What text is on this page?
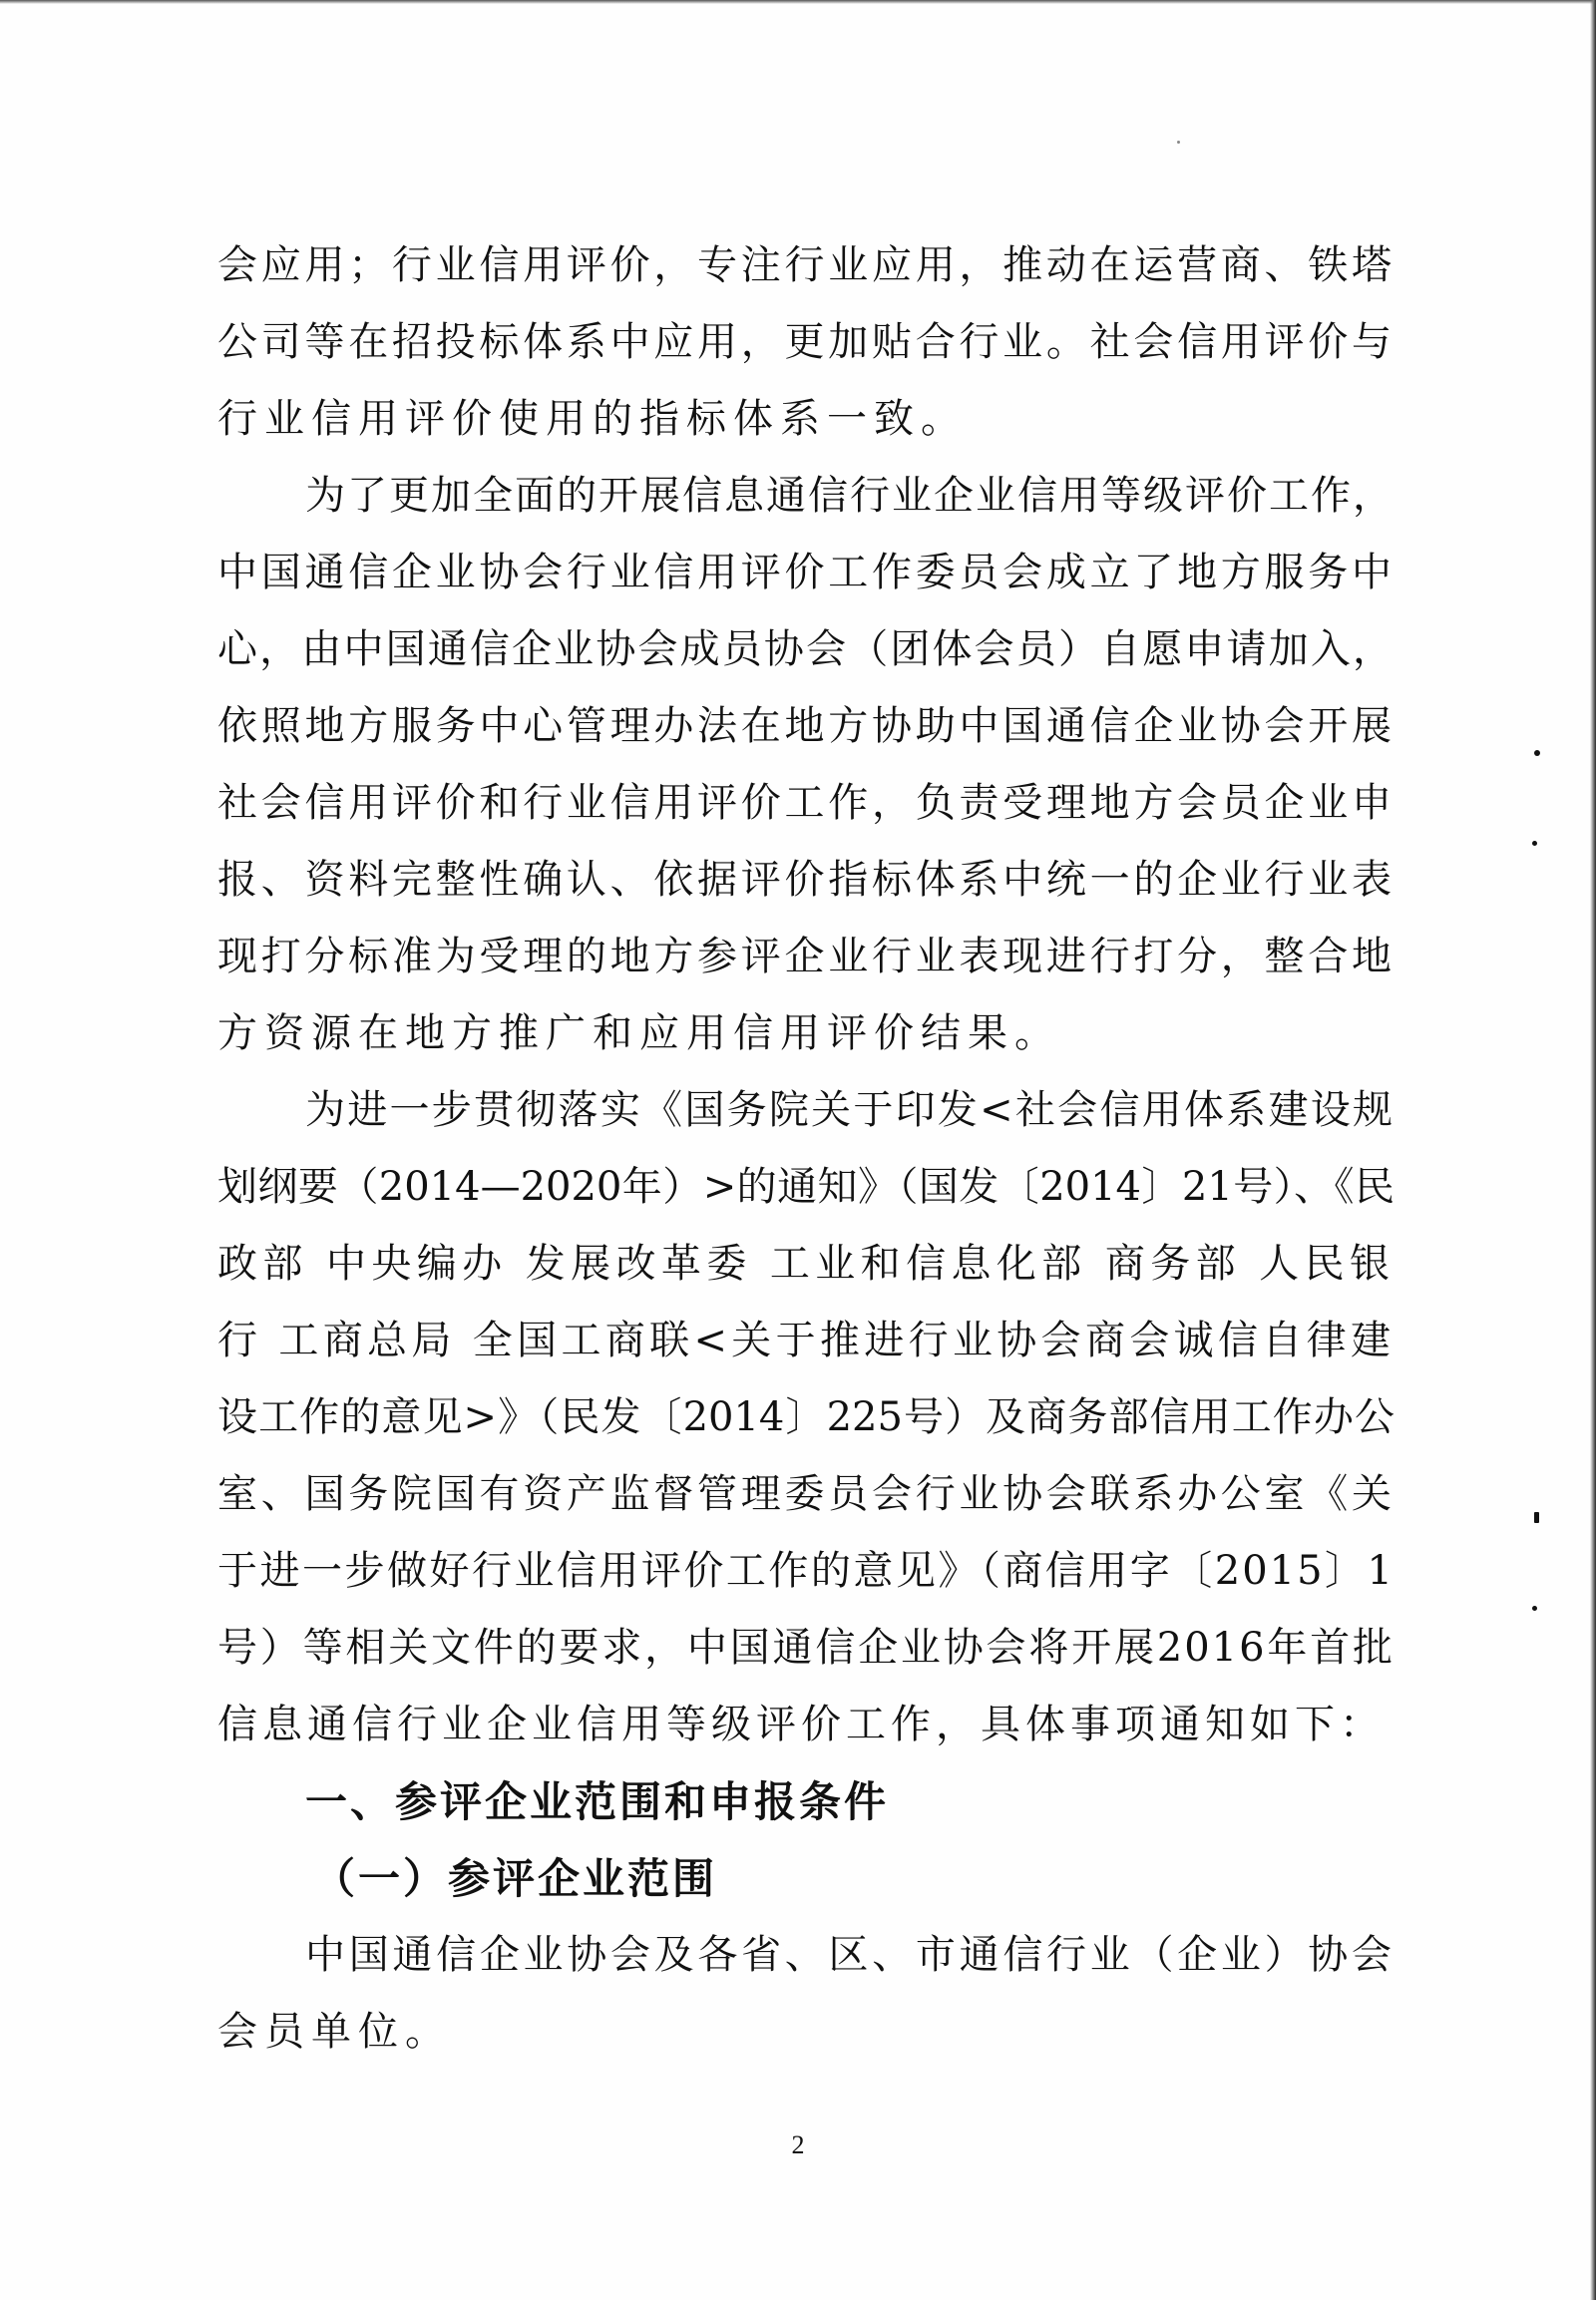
会应用；行业信用评价，专注行业应用，推动在运营商、铁塔
公司等在招投标体系中应用，更加贴合行业。社会信用评价与
行业信用评价使用的指标体系一致。
为了更加全面的开展信息通信行业企业信用等级评价工作，
中国通信企业协会行业信用评价工作委员会成立了地方服务中
心，由中国通信企业协会成员协会（团体会员）自愿申请加入，
依照地方服务中心管理办法在地方协助中国通信企业协会开展
社会信用评价和行业信用评价工作，负责受理地方会员企业申
报、资料完整性确认、依据评价指标体系中统一的企业行业表
现打分标准为受理的地方参评企业行业表现进行打分，整合地
方资源在地方推广和应用信用评价结果。
为进一步贯彻落实《国务院关于印发<社会信用体系建设规
划纲要（2014—2020年）>的通知》（国发〔2014〕21号）、《民
政部 中央编办 发展改革委 工业和信息化部 商务部 人民银
行 工商总局 全国工商联<关于推进行业协会商会诚信自律建
设工作的意见>》（民发〔2014〕225号）及商务部信用工作办公
室、国务院国有资产监督管理委员会行业协会联系办公室《关
于进一步做好行业信用评价工作的意见》（商信用字〔2015〕1
号）等相关文件的要求，中国通信企业协会将开展2016年首批
信息通信行业企业信用等级评价工作，具体事项通知如下：
一、参评企业范围和申报条件
（一）参评企业范围
中国通信企业协会及各省、区、市通信行业（企业）协会
会员单位。
2
